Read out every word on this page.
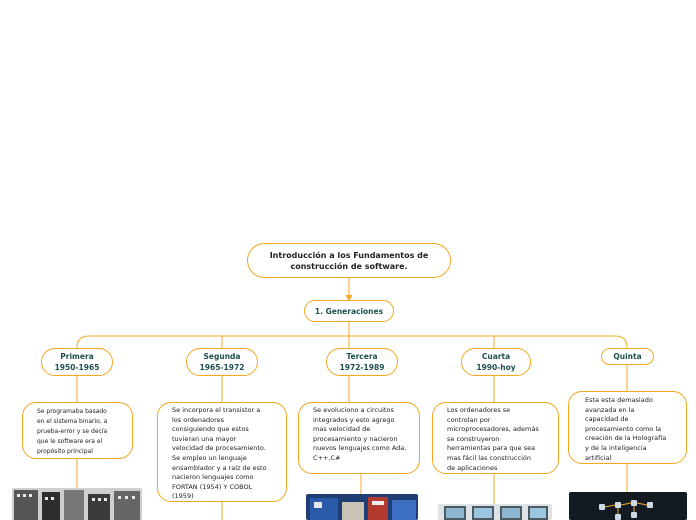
Introducción a los Fundamentos de
construcción de software.
1. Generaciones
Primera
1950-1965
Segunda
1965-1972
Tercera
1972-1989
Cuarta
1990-hoy
Quinta
Se programaba basado
en el sistema binario, a
prueba-error y se decía
que le software era el
propósito principal
Se incorpora el transistor a
los ordenadores
consiguiendo que estos
tuvieran una mayor
velocidad de procesamiento.
Se empleo un lenguaje
ensamblador y a raíz de esto
nacieron lenguajes como
FORTAN (1954) Y COBOL
(1959)
Se evoluciono a circuitos
integrados y esto agrego
mas velocidad de
procesamiento y nacieron
nuevos lenguajes como Ada,
C++,C#
Los ordenadores se
controlan por
microprocesadores, además
se construyeron
herramientas para que sea
mas fácil las construcción
de aplicaciones
Esta esta demasiado
avanzada en la
capacidad de
procesamiento como la
creación de la Holografía
y de la inteligencia
artificial
